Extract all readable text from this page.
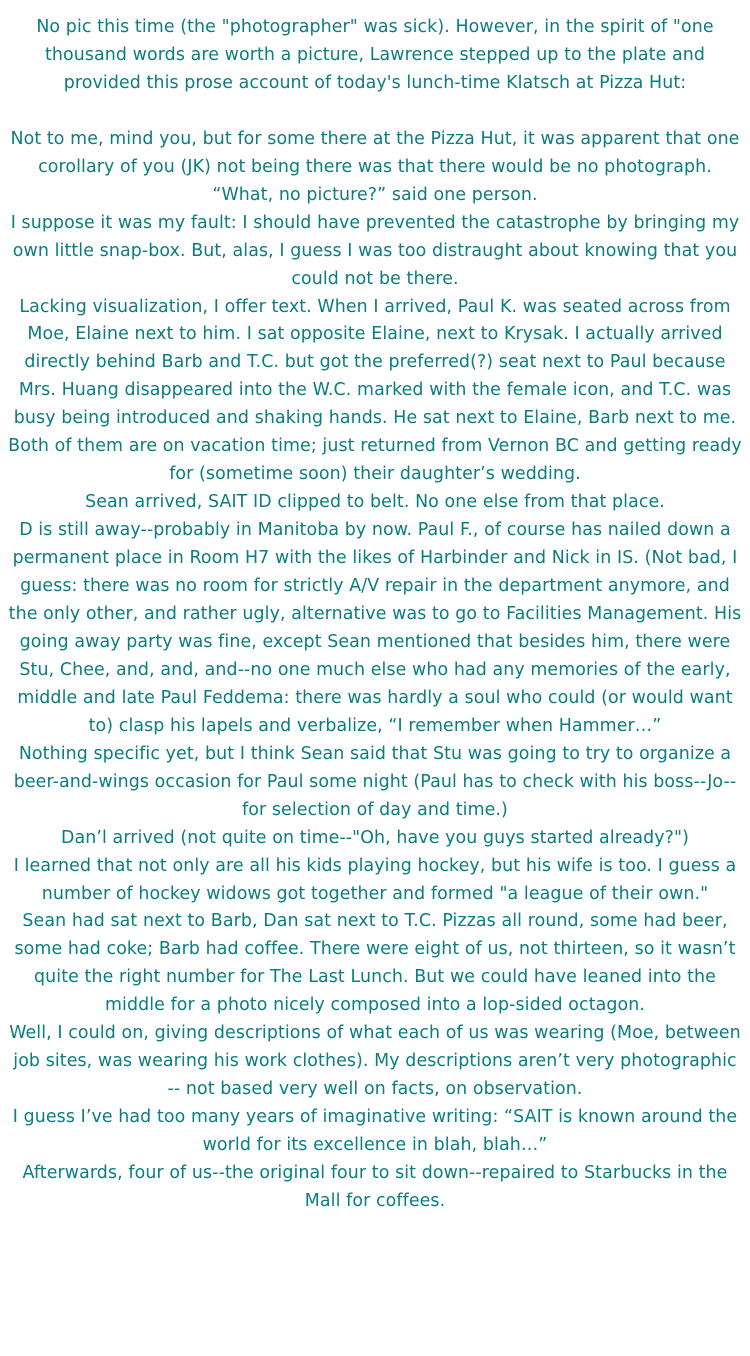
No pic this time (the "photographer" was sick). However, in the spirit of "one thousand words are worth a picture, Lawrence stepped up to the plate and provided this prose account of today's lunch-time Klatsch at Pizza Hut:

Not to me, mind you, but for some there at the Pizza Hut, it was apparent that one corollary of you (JK) not being there was that there would be no photograph. “What, no picture?” said one person.

I suppose it was my fault: I should have prevented the catastrophe by bringing my own little snap-box. But, alas, I guess I was too distraught about knowing that you could not be there.

Lacking visualization, I offer text. When I arrived, Paul K. was seated across from Moe, Elaine next to him. I sat opposite Elaine, next to Krysak. I actually arrived directly behind Barb and T.C. but got the preferred(?) seat next to Paul because Mrs. Huang disappeared into the W.C. marked with the female icon, and T.C. was busy being introduced and shaking hands. He sat next to Elaine, Barb next to me. Both of them are on vacation time; just returned from Vernon BC and getting ready for (sometime soon) their daughter’s wedding.

Sean arrived, SAIT ID clipped to belt. No one else from that place.

D is still away--probably in Manitoba by now. Paul F., of course has nailed down a permanent place in Room H7 with the likes of Harbinder and Nick in IS. (Not bad, I guess: there was no room for strictly A/V repair in the department anymore, and the only other, and rather ugly, alternative was to go to Facilities Management. His going away party was fine, except Sean mentioned that besides him, there were Stu, Chee, and, and, and--no one much else who had any memories of the early, middle and late Paul Feddema: there was hardly a soul who could (or would want to) clasp his lapels and verbalize, “I remember when Hammer…”

Nothing specific yet, but I think Sean said that Stu was going to try to organize a beer-and-wings occasion for Paul some night (Paul has to check with his boss--Jo--for selection of day and time.)

Dan’l arrived (not quite on time--"Oh, have you guys started already?")

I learned that not only are all his kids playing hockey, but his wife is too. I guess a number of hockey widows got together and formed "a league of their own."

Sean had sat next to Barb, Dan sat next to T.C. Pizzas all round, some had beer, some had coke; Barb had coffee. There were eight of us, not thirteen, so it wasn’t quite the right number for The Last Lunch. But we could have leaned into the middle for a photo nicely composed into a lop-sided octagon.

Well, I could on, giving descriptions of what each of us was wearing (Moe, between job sites, was wearing his work clothes). My descriptions aren’t very photographic -- not based very well on facts, on observation.

I guess I’ve had too many years of imaginative writing: “SAIT is known around the world for its excellence in blah, blah…”

Afterwards, four of us--the original four to sit down--repaired to Starbucks in the Mall for coffees.
